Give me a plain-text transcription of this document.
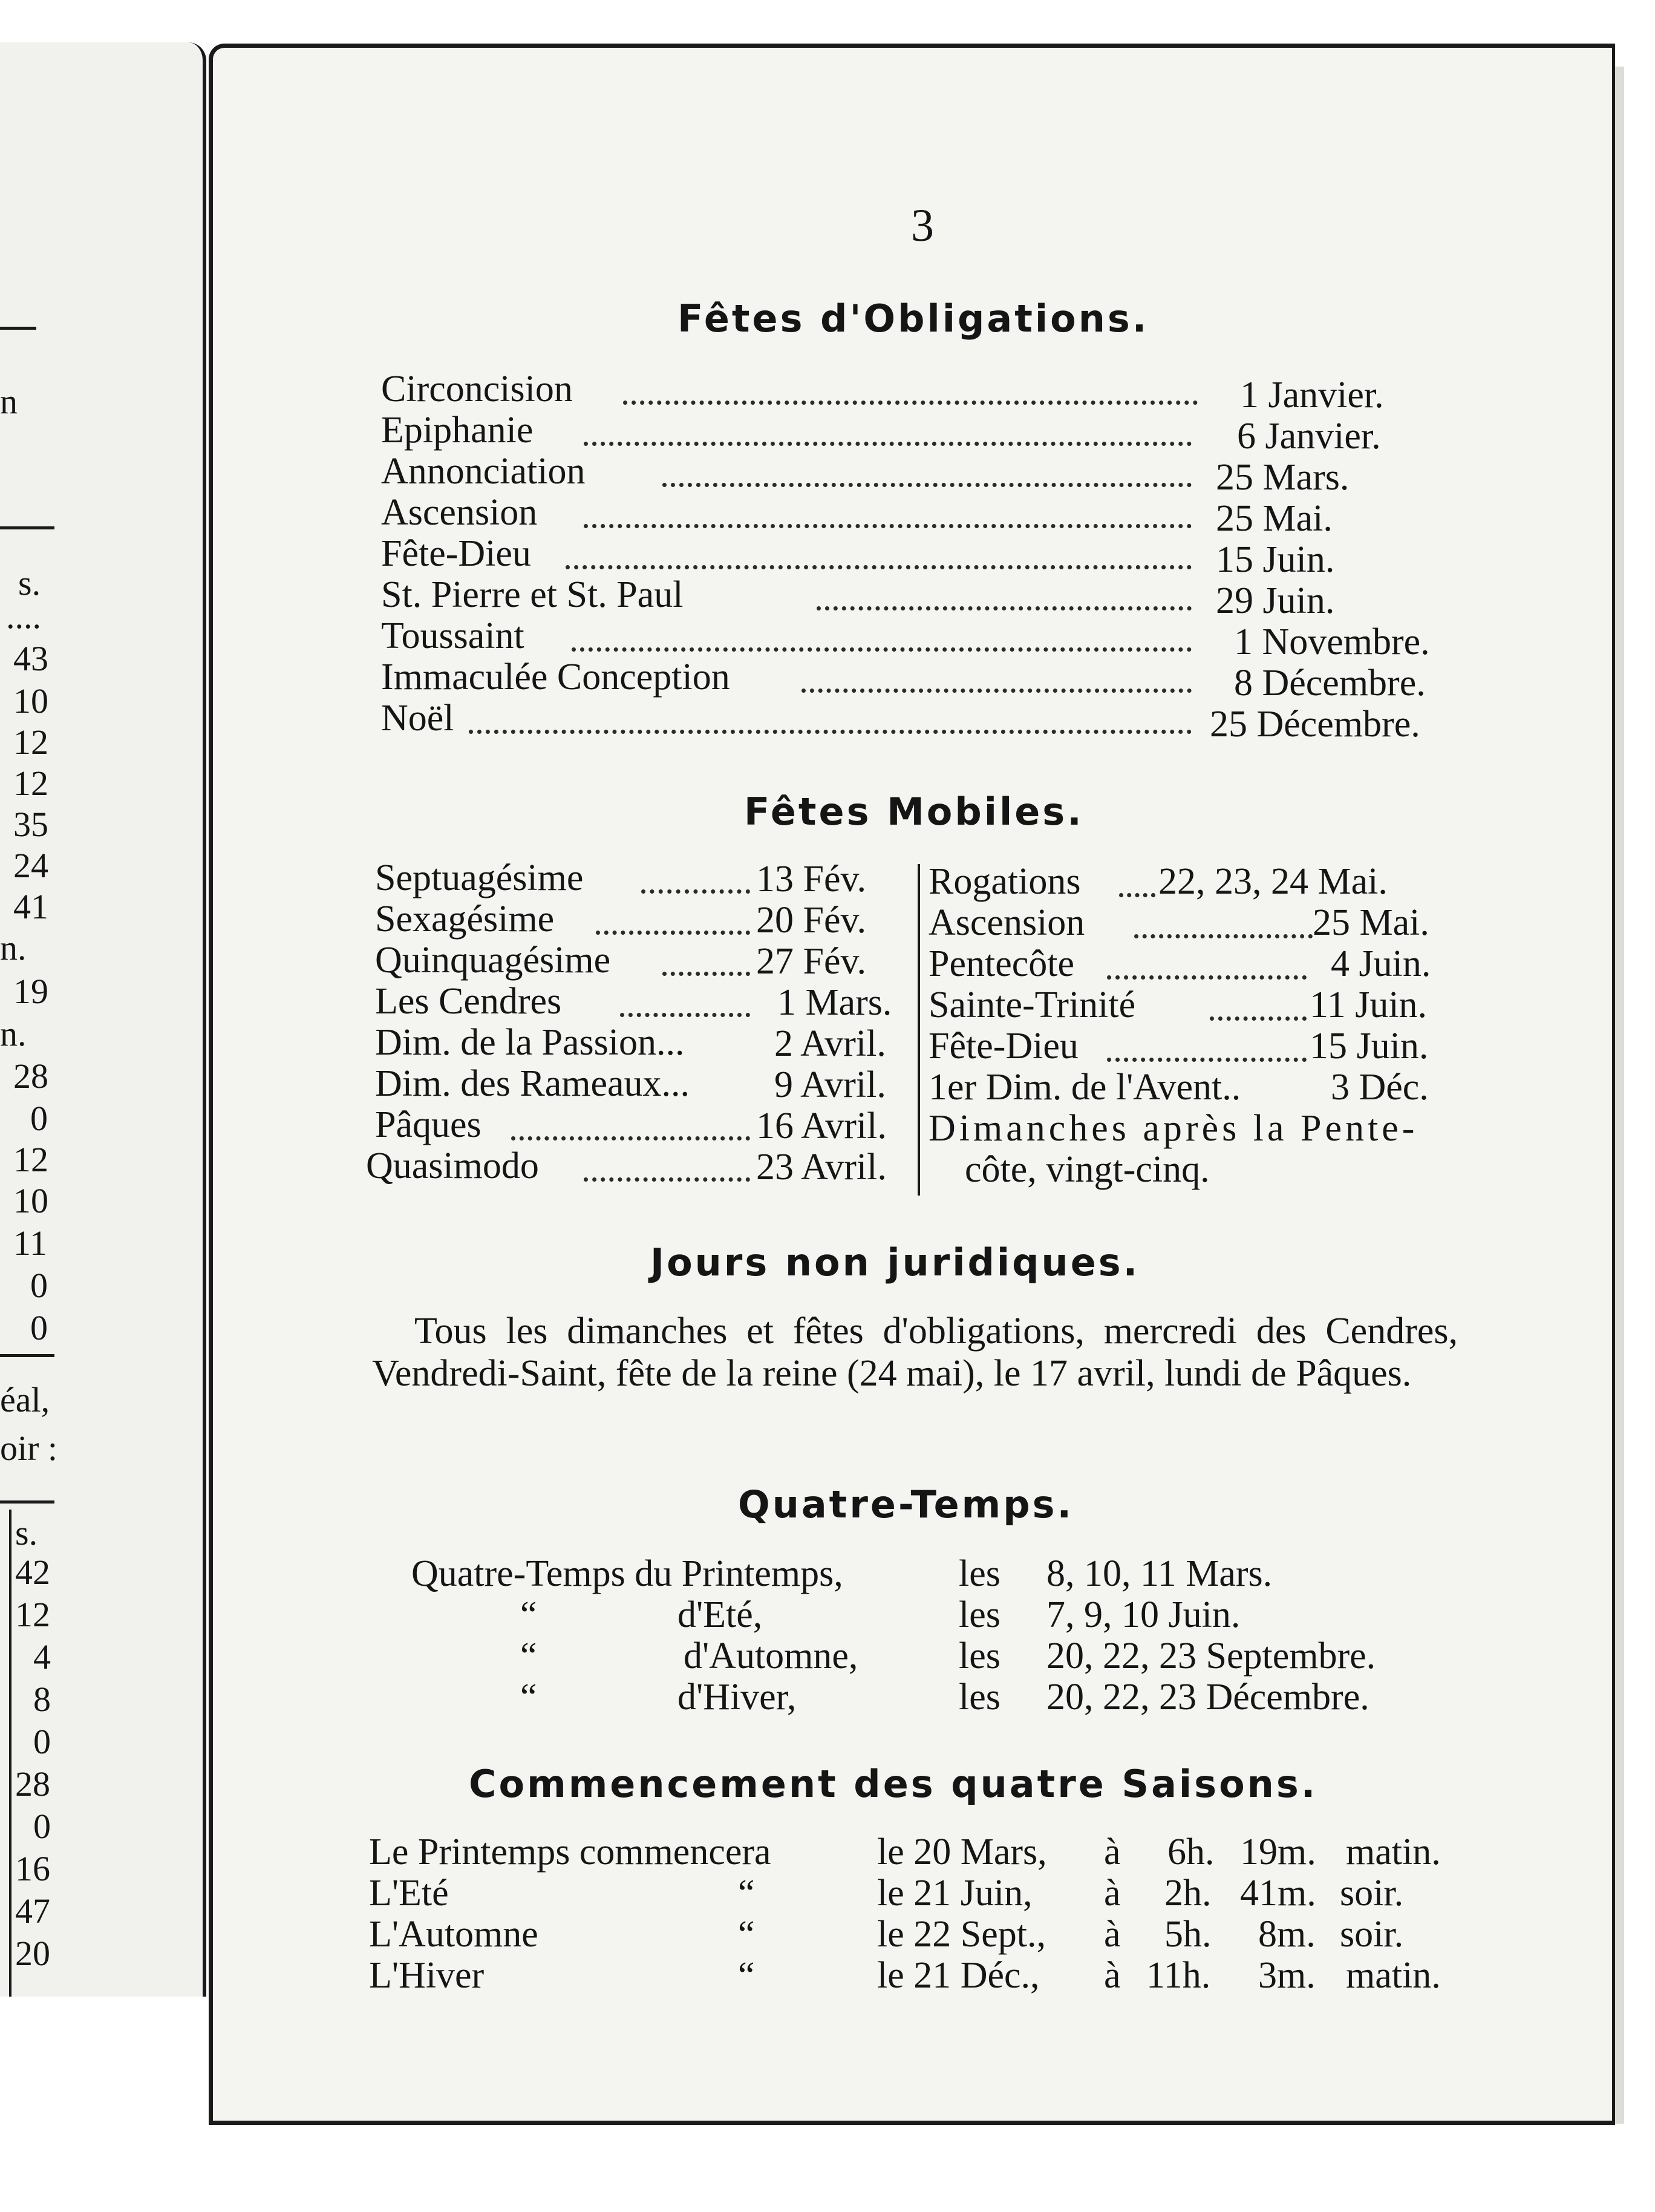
n
s.
....
43
10
12
12
35
24
41
n.
19
n.
28
0
12
10
11
0
0
éal,
oir :
s.
42
12
4
8
0
28
0
16
47
20
3
Fêtes d'Obligations.
Circoncision	1 Janvier.
Epiphanie	6 Janvier.
Annonciation	25 Mars.
Ascension	25 Mai.
Fête-Dieu	15 Juin.
St. Pierre et St. Paul	29 Juin.
Toussaint	1 Novembre.
Immaculée Conception	8 Décembre.
Noël	25 Décembre.
Fêtes Mobiles.
Septuagésime	13 Fév.
Sexagésime	20 Fév.
Quinquagésime	27 Fév.
Les Cendres	1 Mars.
Dim. de la Passion... 2 Avril.
Dim. des Rameaux... 9 Avril.
Pâques	16 Avril.
Quasimodo	23 Avril.
Rogations 22, 23, 24 Mai.
Ascension	25 Mai.
Pentecôte	4 Juin.
Sainte-Trinité	11 Juin.
Fête-Dieu	15 Juin.
1er Dim. de l'Avent.. 3 Déc.
Dimanches après la Pente-
côte, vingt-cinq.
Jours non juridiques.
Tous les dimanches et fêtes d'obligations, mercredi des Cendres, Vendredi-Saint, fête de la reine (24 mai), le 17 avril, lundi de Pâques.
Quatre-Temps.
Quatre-Temps du Printemps,	les 8, 10, 11 Mars.
“	d'Eté,	les 7, 9, 10 Juin.
“	d'Automne,	les 20, 22, 23 Septembre.
“	d'Hiver,	les 20, 22, 23 Décembre.
Commencement des quatre Saisons.
Le Printemps commencera	le 20 Mars, à 6h. 19m. matin.
L'Eté	“	le 21 Juin, à 2h. 41m. soir.
L'Automne	“	le 22 Sept., à 5h. 8m. soir.
L'Hiver	“	le 21 Déc., à 11h. 3m. matin.
